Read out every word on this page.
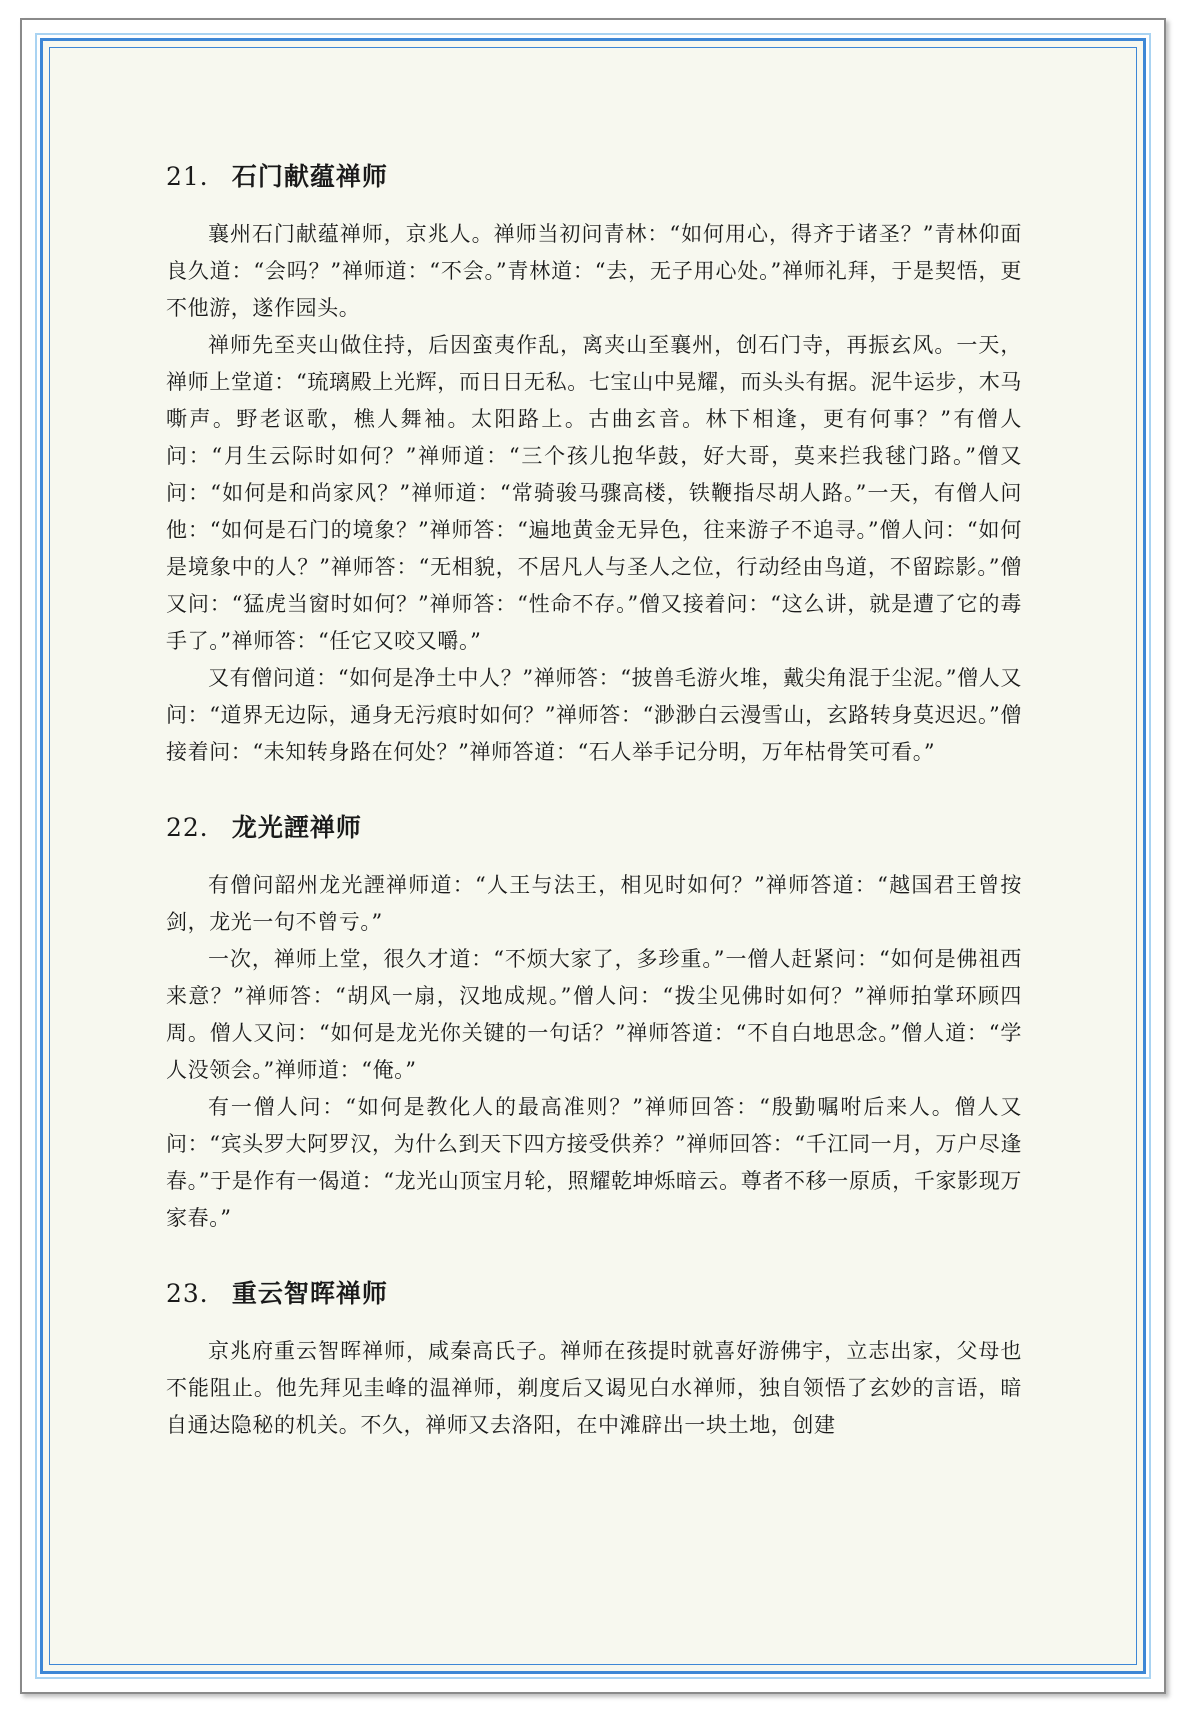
21． 石门献蕴禅师

襄州石门献蕴禅师，京兆人。禅师当初问青林：“如何用心，得齐于诸圣？”青林仰面良久道：“会吗？”禅师道：“不会。”青林道：“去，无子用心处。”禅师礼拜，于是契悟，更不他游，遂作园头。

禅师先至夹山做住持，后因蛮夷作乱，离夹山至襄州，创石门寺，再振玄风。一天，禅师上堂道：“琉璃殿上光辉，而日日无私。七宝山中晃耀，而头头有据。泥牛运步，木马嘶声。野老讴歌，樵人舞袖。太阳路上。古曲玄音。林下相逢，更有何事？”有僧人问：“月生云际时如何？”禅师道：“三个孩儿抱华鼓，好大哥，莫来拦我毬门路。”僧又问：“如何是和尚家风？”禅师道：“常骑骏马骤高楼，铁鞭指尽胡人路。”一天，有僧人问他：“如何是石门的境象？”禅师答：“遍地黄金无异色，往来游子不追寻。”僧人问：“如何是境象中的人？”禅师答：“无相貌，不居凡人与圣人之位，行动经由鸟道，不留踪影。”僧又问：“猛虎当窗时如何？”禅师答：“性命不存。”僧又接着问：“这么讲，就是遭了它的毒手了。”禅师答：“任它又咬又嚼。”

又有僧问道：“如何是净土中人？”禅师答：“披兽毛游火堆，戴尖角混于尘泥。”僧人又问：“道界无边际，通身无污痕时如何？”禅师答：“渺渺白云漫雪山，玄路转身莫迟迟。”僧接着问：“未知转身路在何处？”禅师答道：“石人举手记分明，万年枯骨笑可看。”

22． 龙光諲禅师

有僧问韶州龙光諲禅师道：“人王与法王，相见时如何？”禅师答道：“越国君王曾按剑，龙光一句不曾亏。”

一次，禅师上堂，很久才道：“不烦大家了，多珍重。”一僧人赶紧问：“如何是佛祖西来意？”禅师答：“胡风一扇，汉地成规。”僧人问：“拨尘见佛时如何？”禅师拍掌环顾四周。僧人又问：“如何是龙光你关键的一句话？”禅师答道：“不自白地思念。”僧人道：“学人没领会。”禅师道：“俺。”

有一僧人问：“如何是教化人的最高准则？”禅师回答：“殷勤嘱咐后来人。僧人又问：“宾头罗大阿罗汉，为什么到天下四方接受供养？”禅师回答：“千江同一月，万户尽逢春。”于是作有一偈道：“龙光山顶宝月轮，照耀乾坤烁暗云。尊者不移一原质，千家影现万家春。”

23． 重云智晖禅师

京兆府重云智晖禅师，咸秦高氏子。禅师在孩提时就喜好游佛宇，立志出家，父母也不能阻止。他先拜见圭峰的温禅师，剃度后又谒见白水禅师，独自领悟了玄妙的言语，暗自通达隐秘的机关。不久，禅师又去洛阳，在中滩辟出一块土地，创建
